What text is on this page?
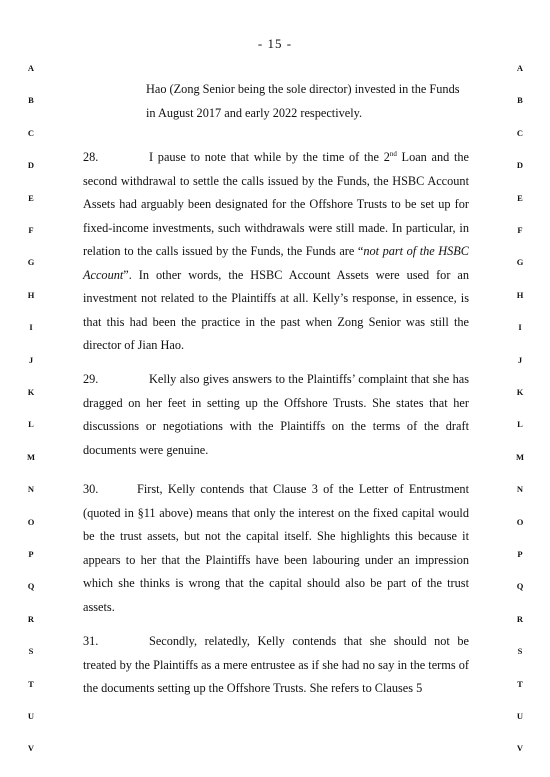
- 15 -
A
B
C
D
E
F
G
H
I
J
K
L
M
N
O
P
Q
R
S
T
U
V
A
B
C
D
E
F
G
H
I
J
K
L
M
N
O
P
Q
R
S
T
U
V
Hao (Zong Senior being the sole director) invested in the Funds in August 2017 and early 2022 respectively.
28.	I pause to note that while by the time of the 2nd Loan and the second withdrawal to settle the calls issued by the Funds, the HSBC Account Assets had arguably been designated for the Offshore Trusts to be set up for fixed-income investments, such withdrawals were still made. In particular, in relation to the calls issued by the Funds, the Funds are “not part of the HSBC Account”. In other words, the HSBC Account Assets were used for an investment not related to the Plaintiffs at all. Kelly’s response, in essence, is that this had been the practice in the past when Zong Senior was still the director of Jian Hao.
29.	Kelly also gives answers to the Plaintiffs’ complaint that she has dragged on her feet in setting up the Offshore Trusts. She states that her discussions or negotiations with the Plaintiffs on the terms of the draft documents were genuine.
30.	First, Kelly contends that Clause 3 of the Letter of Entrustment (quoted in §11 above) means that only the interest on the fixed capital would be the trust assets, but not the capital itself. She highlights this because it appears to her that the Plaintiffs have been labouring under an impression which she thinks is wrong that the capital should also be part of the trust assets.
31.	Secondly, relatedly, Kelly contends that she should not be treated by the Plaintiffs as a mere entrustee as if she had no say in the terms of the documents setting up the Offshore Trusts. She refers to Clauses 5
